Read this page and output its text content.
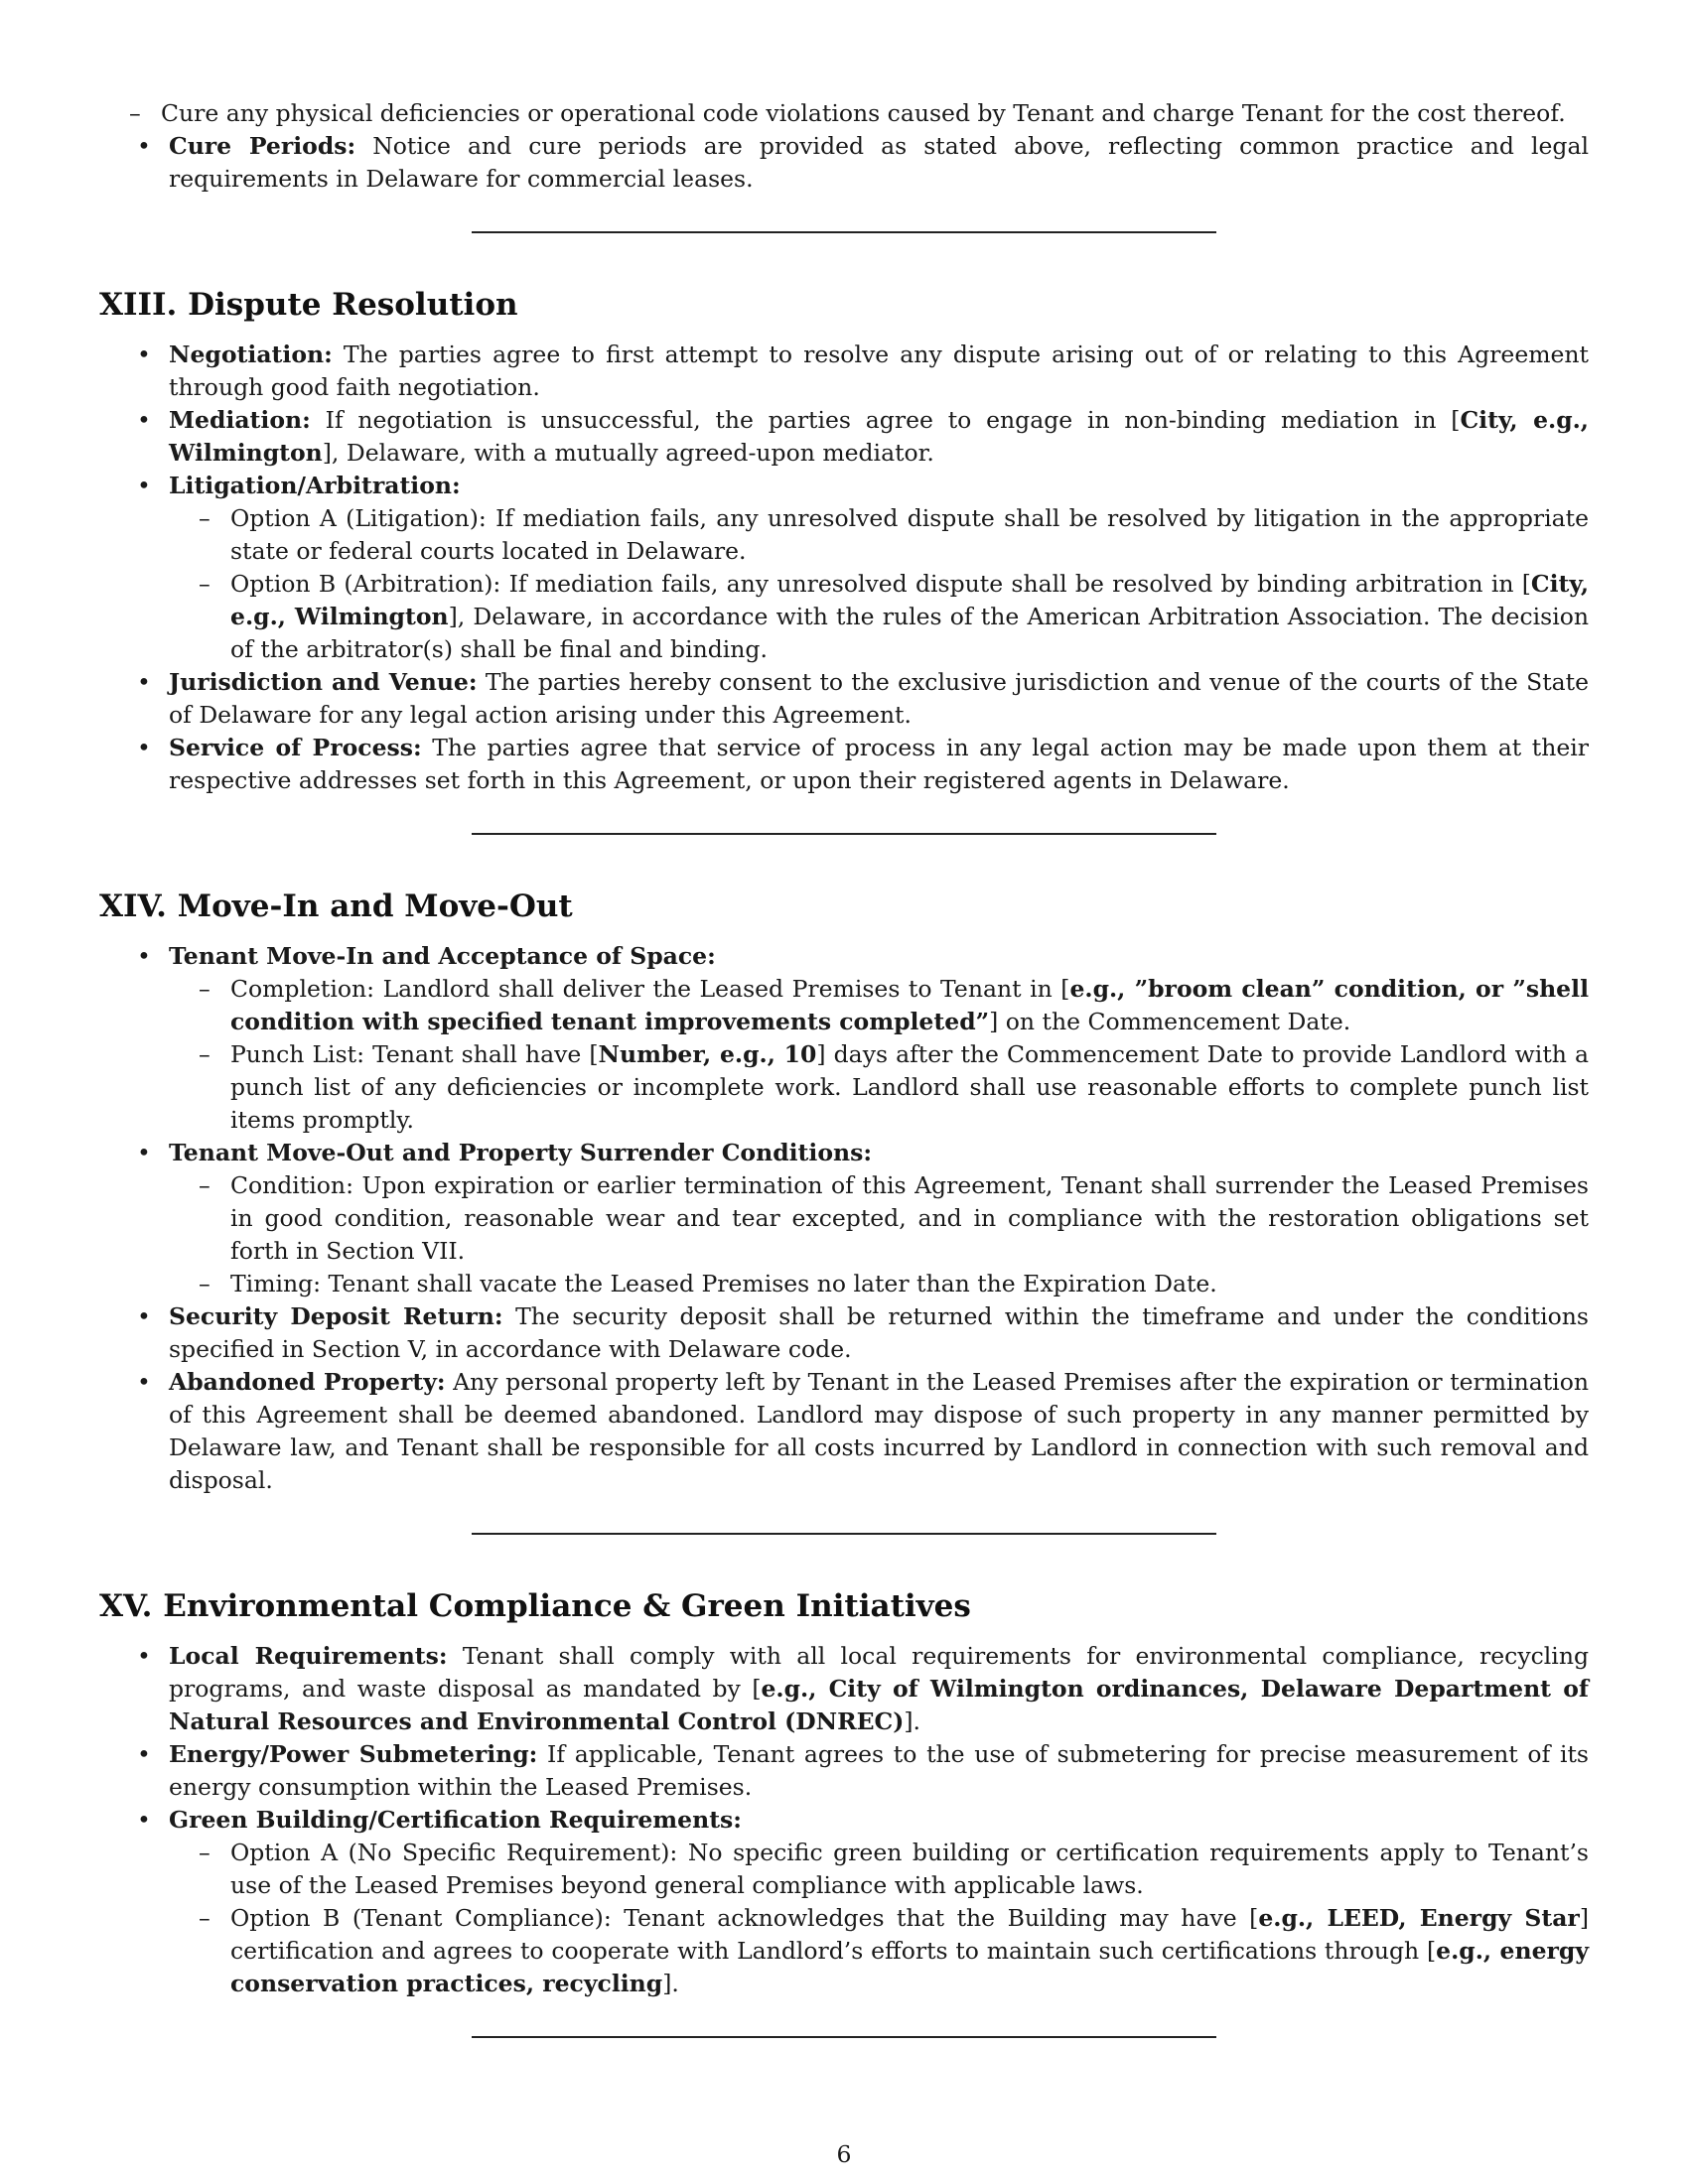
– Cure any physical deficiencies or operational code violations caused by Tenant and charge Tenant for the cost thereof.
• Cure Periods: Notice and cure periods are provided as stated above, reflecting common practice and legal requirements in Delaware for commercial leases.
XIII. Dispute Resolution
• Negotiation: The parties agree to first attempt to resolve any dispute arising out of or relating to this Agreement through good faith negotiation.
• Mediation: If negotiation is unsuccessful, the parties agree to engage in non-binding mediation in [City, e.g., Wilmington], Delaware, with a mutually agreed-upon mediator.
• Litigation/Arbitration:
– Option A (Litigation): If mediation fails, any unresolved dispute shall be resolved by litigation in the appropriate state or federal courts located in Delaware.
– Option B (Arbitration): If mediation fails, any unresolved dispute shall be resolved by binding arbitration in [City, e.g., Wilmington], Delaware, in accordance with the rules of the American Arbitration Association. The decision of the arbitrator(s) shall be final and binding.
• Jurisdiction and Venue: The parties hereby consent to the exclusive jurisdiction and venue of the courts of the State of Delaware for any legal action arising under this Agreement.
• Service of Process: The parties agree that service of process in any legal action may be made upon them at their respective addresses set forth in this Agreement, or upon their registered agents in Delaware.
XIV. Move-In and Move-Out
• Tenant Move-In and Acceptance of Space:
– Completion: Landlord shall deliver the Leased Premises to Tenant in [e.g., ”broom clean” condition, or ”shell condition with specified tenant improvements completed”] on the Commencement Date.
– Punch List: Tenant shall have [Number, e.g., 10] days after the Commencement Date to provide Landlord with a punch list of any deficiencies or incomplete work. Landlord shall use reasonable efforts to complete punch list items promptly.
• Tenant Move-Out and Property Surrender Conditions:
– Condition: Upon expiration or earlier termination of this Agreement, Tenant shall surrender the Leased Premises in good condition, reasonable wear and tear excepted, and in compliance with the restoration obligations set forth in Section VII.
– Timing: Tenant shall vacate the Leased Premises no later than the Expiration Date.
• Security Deposit Return: The security deposit shall be returned within the timeframe and under the conditions specified in Section V, in accordance with Delaware code.
• Abandoned Property: Any personal property left by Tenant in the Leased Premises after the expiration or termination of this Agreement shall be deemed abandoned. Landlord may dispose of such property in any manner permitted by Delaware law, and Tenant shall be responsible for all costs incurred by Landlord in connection with such removal and disposal.
XV. Environmental Compliance & Green Initiatives
• Local Requirements: Tenant shall comply with all local requirements for environmental compliance, recycling programs, and waste disposal as mandated by [e.g., City of Wilmington ordinances, Delaware Department of Natural Resources and Environmental Control (DNREC)].
• Energy/Power Submetering: If applicable, Tenant agrees to the use of submetering for precise measurement of its energy consumption within the Leased Premises.
• Green Building/Certification Requirements:
– Option A (No Specific Requirement): No specific green building or certification requirements apply to Tenant’s use of the Leased Premises beyond general compliance with applicable laws.
– Option B (Tenant Compliance): Tenant acknowledges that the Building may have [e.g., LEED, Energy Star] certification and agrees to cooperate with Landlord’s efforts to maintain such certifications through [e.g., energy conservation practices, recycling].
6
